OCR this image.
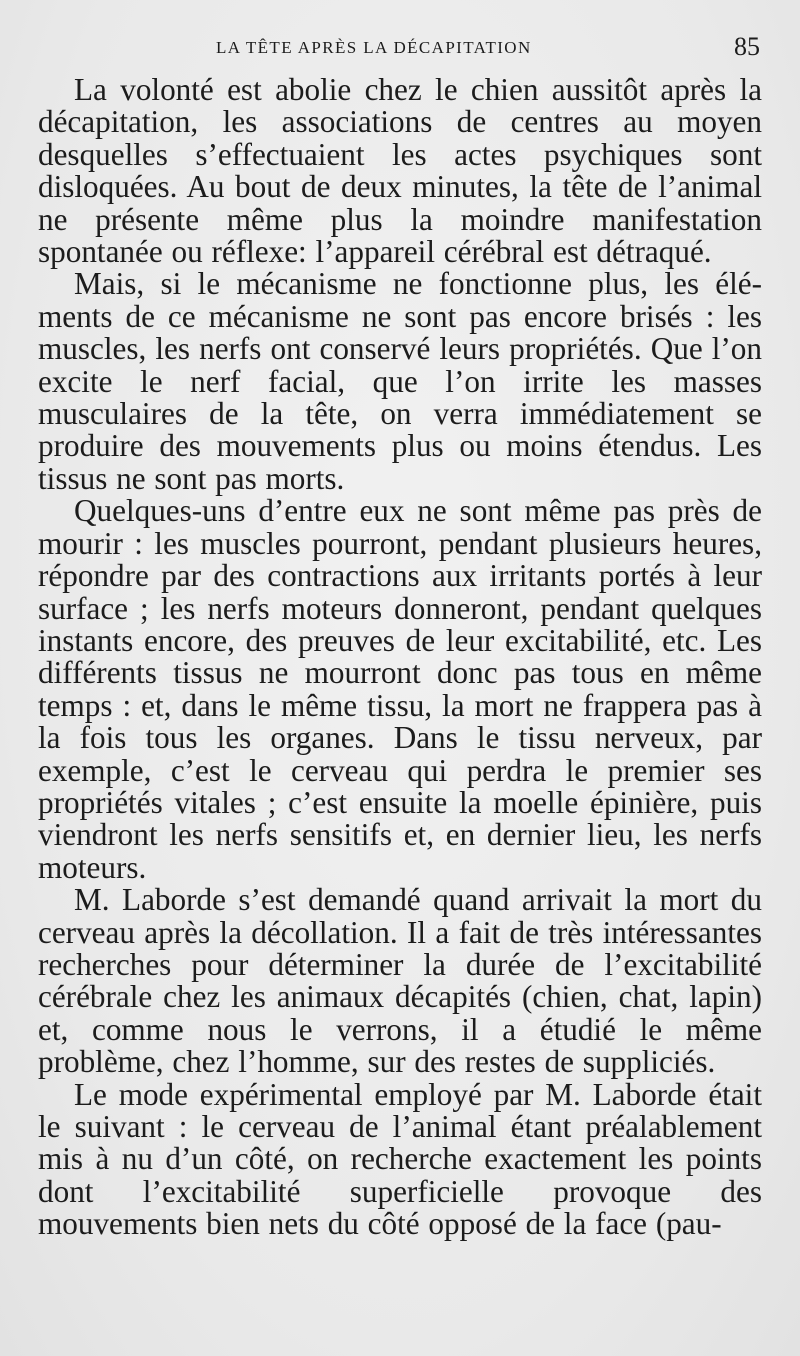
LA TÊTE APRÈS LA DÉCAPITATION	85

La volonté est abolie chez le chien aussitôt après la décapitation, les associations de centres au moyen desquelles s’effectuaient les actes psychiques sont disloquées. Au bout de deux minutes, la tête de l’animal ne présente même plus la moindre manifestation spontanée ou réflexe: l’appareil cérébral est détraqué.

Mais, si le mécanisme ne fonctionne plus, les éléments de ce mécanisme ne sont pas encore brisés : les muscles, les nerfs ont conservé leurs propriétés. Que l’on excite le nerf facial, que l’on irrite les masses musculaires de la tête, on verra immédiatement se produire des mouvements plus ou moins étendus. Les tissus ne sont pas morts.

Quelques-uns d’entre eux ne sont même pas près de mourir : les muscles pourront, pendant plusieurs heures, répondre par des contractions aux irritants portés à leur surface ; les nerfs moteurs donneront, pendant quelques instants encore, des preuves de leur excitabilité, etc. Les différents tissus ne mourront donc pas tous en même temps : et, dans le même tissu, la mort ne frappera pas à la fois tous les organes. Dans le tissu nerveux, par exemple, c’est le cerveau qui perdra le premier ses propriétés vitales ; c’est ensuite la moelle épinière, puis viendront les nerfs sensitifs et, en dernier lieu, les nerfs moteurs.

M. Laborde s’est demandé quand arrivait la mort du cerveau après la décollation. Il a fait de très intéressantes recherches pour déterminer la durée de l’excitabilité cérébrale chez les animaux décapités (chien, chat, lapin) et, comme nous le verrons, il a étudié le même problème, chez l’homme, sur des restes de suppliciés.

Le mode expérimental employé par M. Laborde était le suivant : le cerveau de l’animal étant préalablement mis à nu d’un côté, on recherche exactement les points dont l’excitabilité superficielle provoque des mouvements bien nets du côté opposé de la face (pau-
